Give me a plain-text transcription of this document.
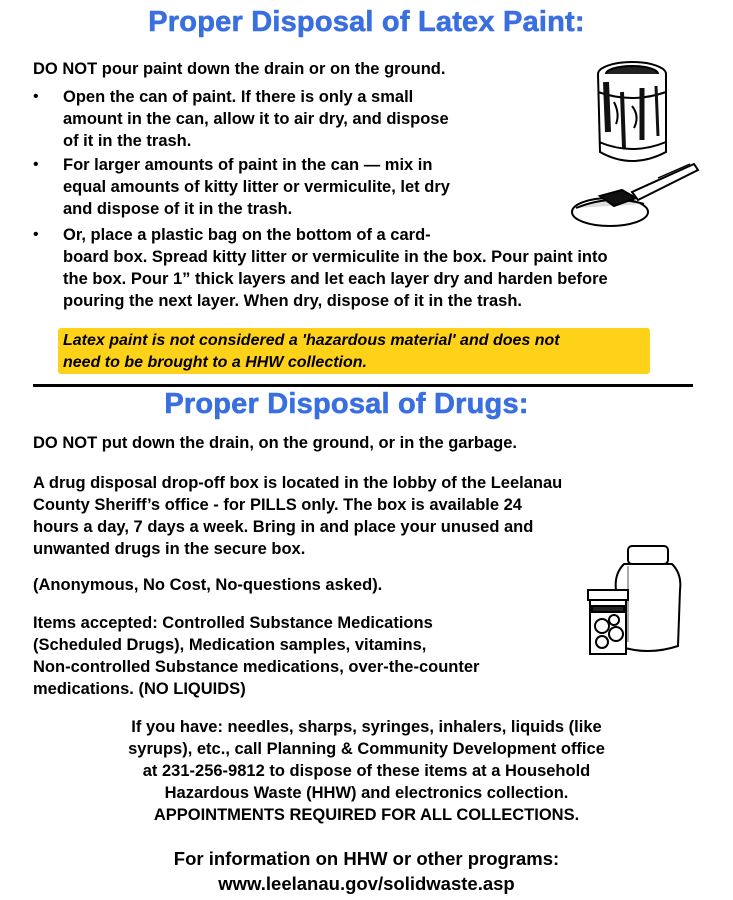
Proper Disposal of Latex Paint:
DO NOT pour paint down the drain or on the ground.
• Open the can of paint. If there is only a small
amount in the can, allow it to air dry, and dispose
of it in the trash.
• For larger amounts of paint in the can — mix in
equal amounts of kitty litter or vermiculite, let dry
and dispose of it in the trash.
• Or, place a plastic bag on the bottom of a card-
board box. Spread kitty litter or vermiculite in the box. Pour paint into
the box. Pour 1” thick layers and let each layer dry and harden before
pouring the next layer. When dry, dispose of it in the trash.
Latex paint is not considered a 'hazardous material' and does not
need to be brought to a HHW collection.
Proper Disposal of Drugs:
DO NOT put down the drain, on the ground, or in the garbage.
A drug disposal drop-off box is located in the lobby of the Leelanau
County Sheriff’s office - for PILLS only. The box is available 24
hours a day, 7 days a week. Bring in and place your unused and
unwanted drugs in the secure box.
(Anonymous, No Cost, No-questions asked).
Items accepted: Controlled Substance Medications
(Scheduled Drugs), Medication samples, vitamins,
Non-controlled Substance medications, over-the-counter
medications. (NO LIQUIDS)
If you have: needles, sharps, syringes, inhalers, liquids (like
syrups), etc., call Planning & Community Development office
at 231-256-9812 to dispose of these items at a Household
Hazardous Waste (HHW) and electronics collection.
APPOINTMENTS REQUIRED FOR ALL COLLECTIONS.
For information on HHW or other programs:
www.leelanau.gov/solidwaste.asp
